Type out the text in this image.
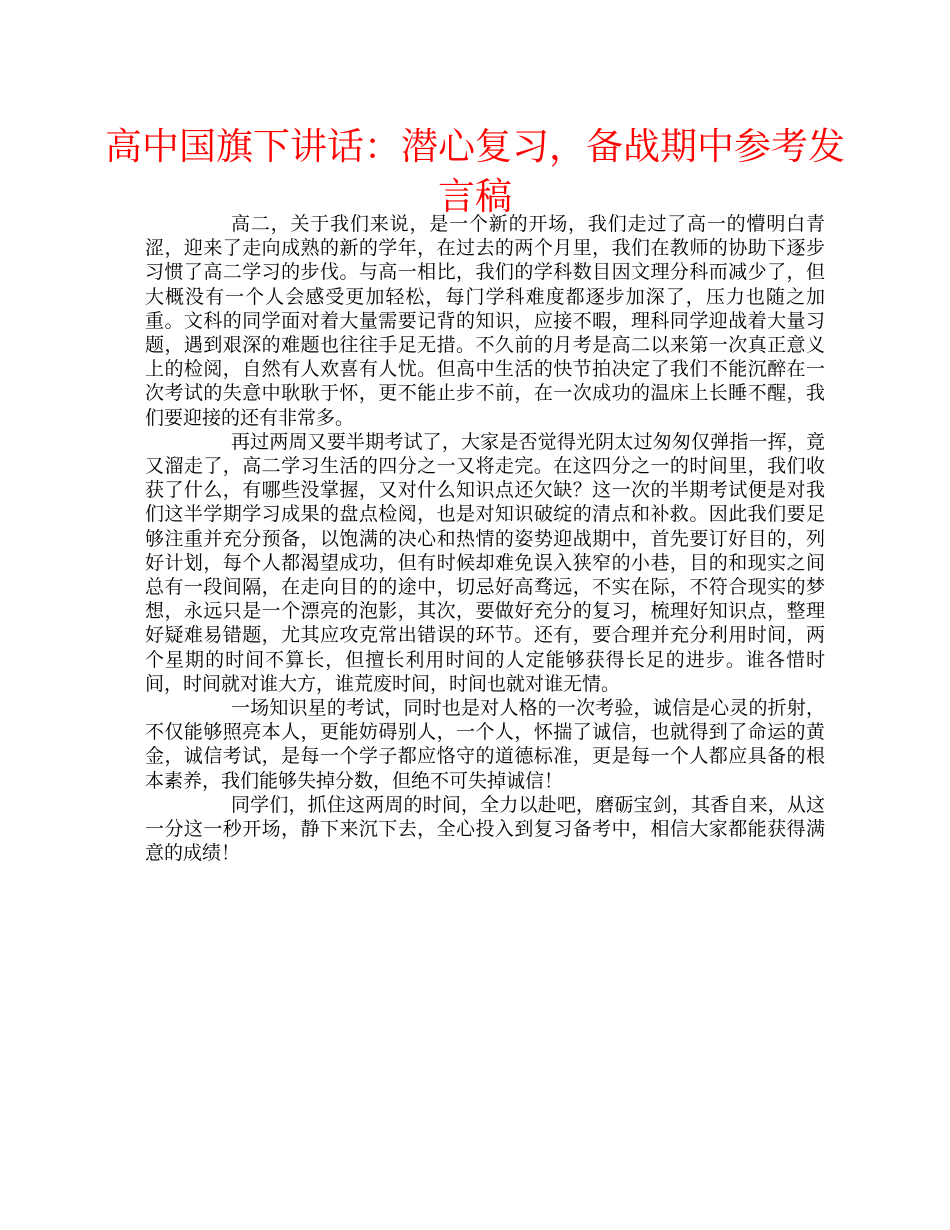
高中国旗下讲话：潜心复习，备战期中参考发言稿

高二，关于我们来说，是一个新的开场，我们走过了高一的懵明白青涩，迎来了走向成熟的新的学年，在过去的两个月里，我们在教师的协助下逐步习惯了高二学习的步伐。与高一相比，我们的学科数目因文理分科而减少了，但大概没有一个人会感受更加轻松，每门学科难度都逐步加深了，压力也随之加重。文科的同学面对着大量需要记背的知识，应接不暇，理科同学迎战着大量习题，遇到艰深的难题也往往手足无措。不久前的月考是高二以来第一次真正意义上的检阅，自然有人欢喜有人忧。但高中生活的快节拍决定了我们不能沉醉在一次考试的失意中耿耿于怀，更不能止步不前，在一次成功的温床上长睡不醒，我们要迎接的还有非常多。

再过两周又要半期考试了，大家是否觉得光阴太过匆匆仅弹指一挥，竟又溜走了，高二学习生活的四分之一又将走完。在这四分之一的时间里，我们收获了什么，有哪些没掌握，又对什么知识点还欠缺？这一次的半期考试便是对我们这半学期学习成果的盘点检阅，也是对知识破绽的清点和补救。因此我们要足够注重并充分预备，以饱满的决心和热情的姿势迎战期中，首先要订好目的，列好计划，每个人都渴望成功，但有时候却难免误入狭窄的小巷，目的和现实之间总有一段间隔，在走向目的的途中，切忌好高骛远，不实在际，不符合现实的梦想，永远只是一个漂亮的泡影，其次，要做好充分的复习，梳理好知识点，整理好疑难易错题，尤其应攻克常出错误的环节。还有，要合理并充分利用时间，两个星期的时间不算长，但擅长利用时间的人定能够获得长足的进步。谁各惜时间，时间就对谁大方，谁荒废时间，时间也就对谁无情。

一场知识星的考试，同时也是对人格的一次考验，诚信是心灵的折射，不仅能够照亮本人，更能妨碍别人，一个人，怀揣了诚信，也就得到了命运的黄金，诚信考试，是每一个学子都应恪守的道德标准，更是每一个人都应具备的根本素养，我们能够失掉分数，但绝不可失掉诚信！

同学们，抓住这两周的时间，全力以赴吧，磨砺宝剑，其香自来，从这一分这一秒开场，静下来沉下去，全心投入到复习备考中，相信大家都能获得满意的成绩！
